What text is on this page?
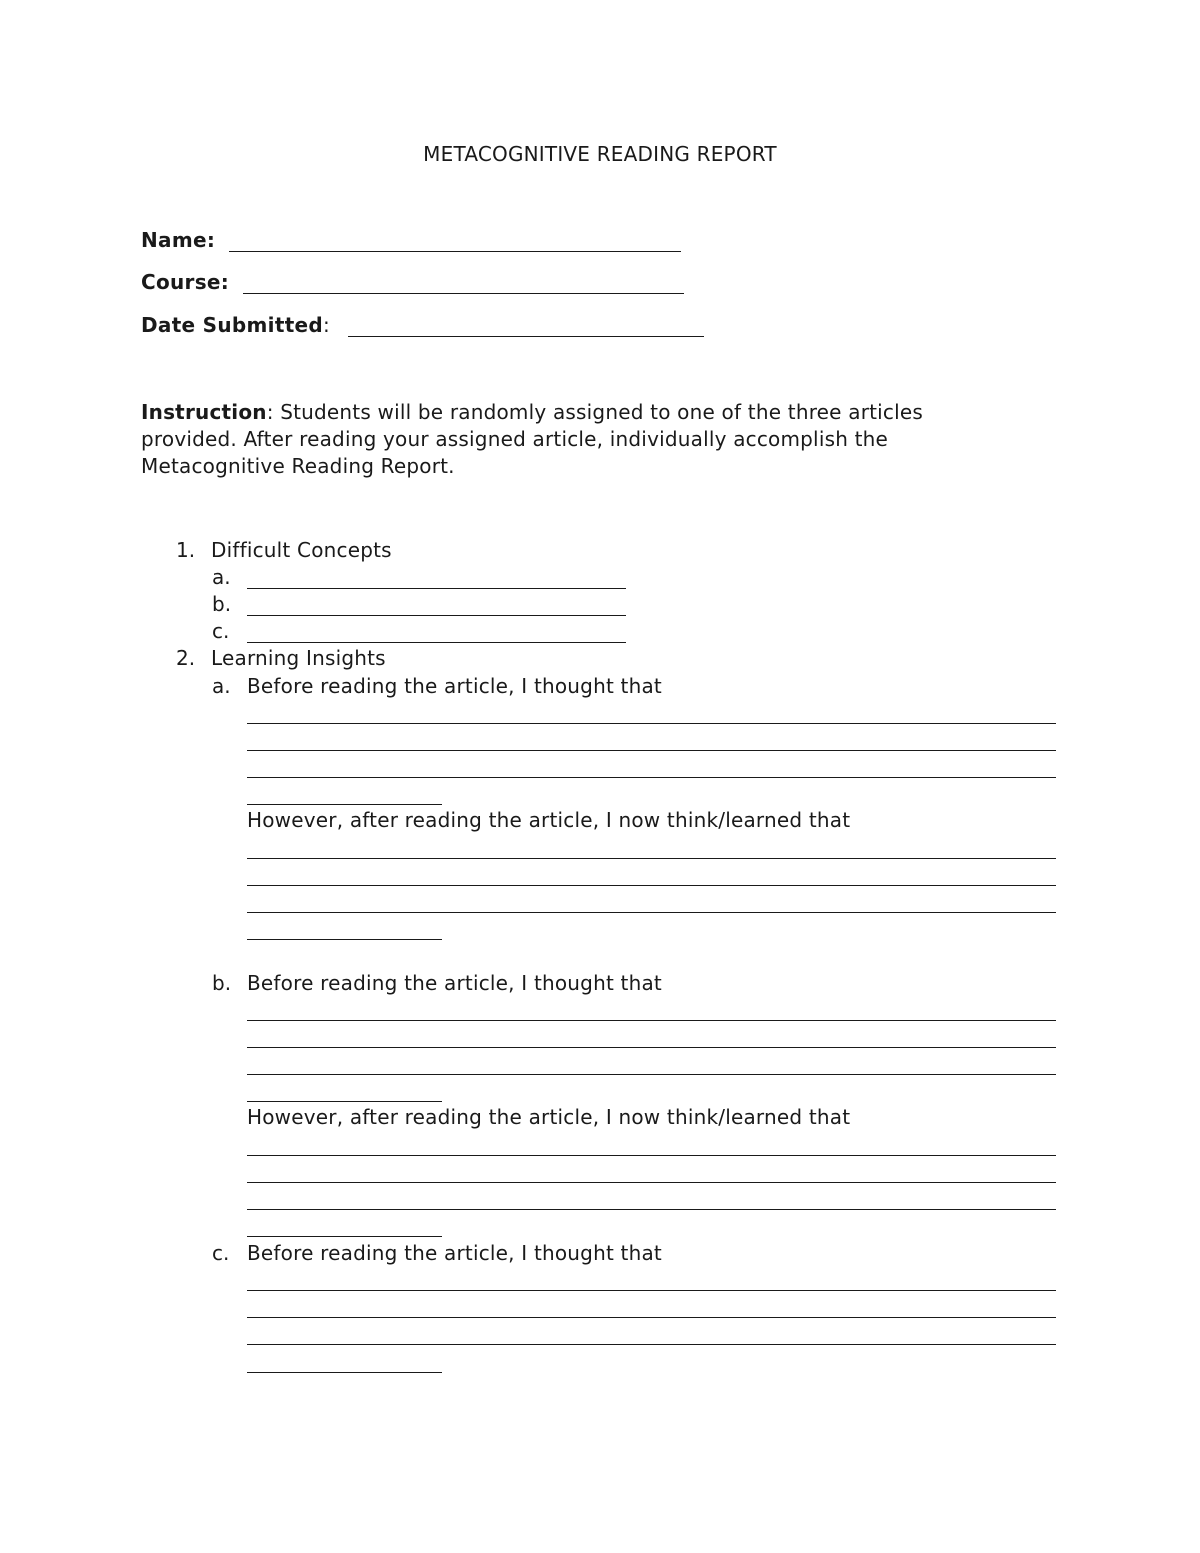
METACOGNITIVE READING REPORT
Name:
Course:
Date Submitted:
Instruction: Students will be randomly assigned to one of the three articles provided. After reading your assigned article, individually accomplish the Metacognitive Reading Report.
1. Difficult Concepts
a.
b.
c.
2. Learning Insights
a. Before reading the article, I thought that
However, after reading the article, I now think/learned that
b. Before reading the article, I thought that
However, after reading the article, I now think/learned that
c. Before reading the article, I thought that
